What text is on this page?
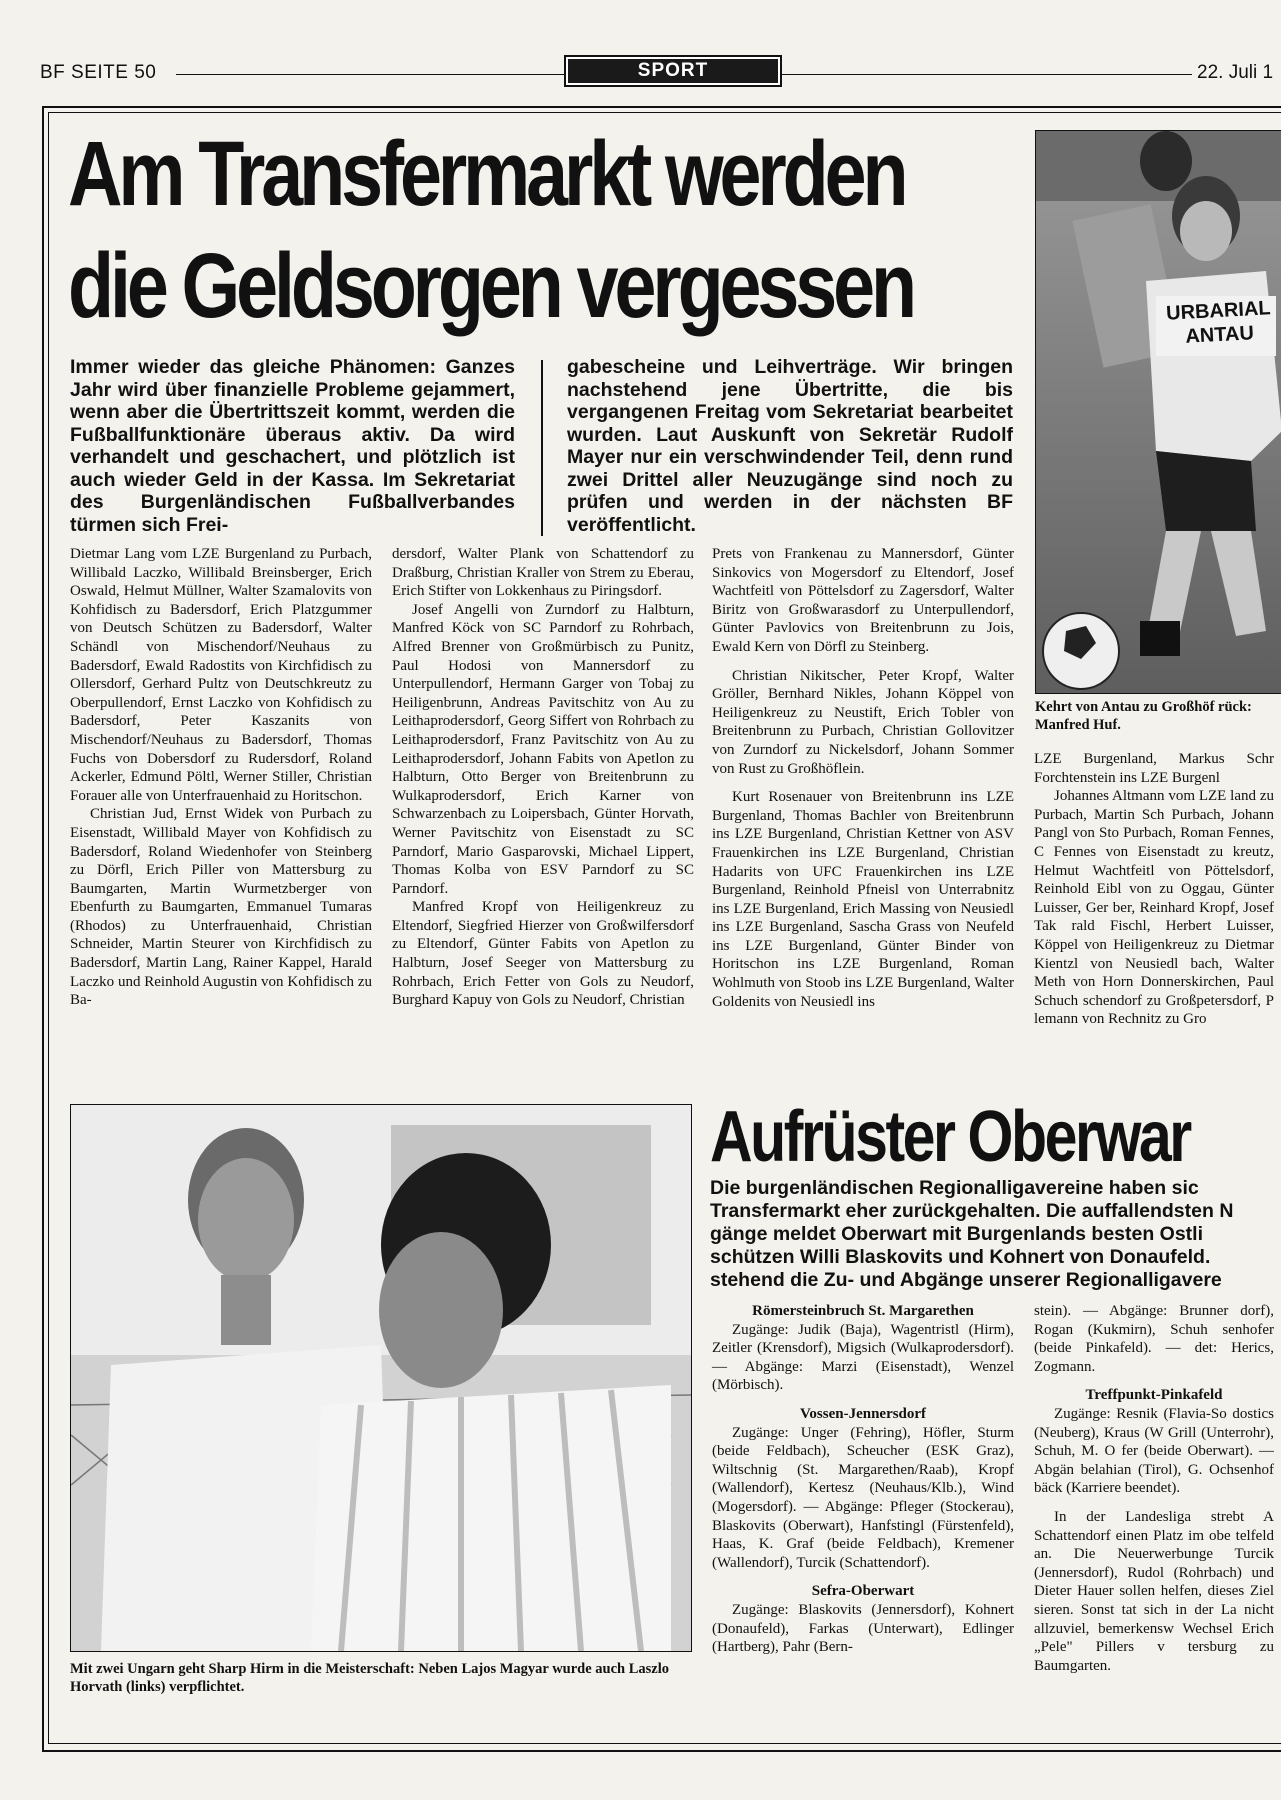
BF SEITE 50	SPORT	22. Juli 1
Am Transfermarkt werden
die Geldsorgen vergessen
Immer wieder das gleiche Phänomen: Ganzes Jahr wird über finanzielle Probleme gejammert, wenn aber die Übertrittszeit kommt, werden die Fußballfunktionäre überaus aktiv. Da wird verhandelt und geschachert, und plötzlich ist auch wieder Geld in der Kassa. Im Sekretariat des Burgenländischen Fußballverbandes türmen sich Frei-
gabescheine und Leihverträge. Wir bringen nachstehend jene Übertritte, die bis vergangenen Freitag vom Sekretariat bearbeitet wurden. Laut Auskunft von Sekretär Rudolf Mayer nur ein verschwindender Teil, denn rund zwei Drittel aller Neuzugänge sind noch zu prüfen und werden in der nächsten BF veröffentlicht.

Dietmar Lang vom LZE Burgenland zu Purbach, Willibald Laczko, Willibald Breinsberger, Erich Oswald, Helmut Müllner, Walter Szamalovits von Kohfidisch zu Badersdorf, Erich Platzgummer von Deutsch Schützen zu Badersdorf, Walter Schändl von Mischendorf/Neuhaus zu Badersdorf, Ewald Radostits von Kirchfidisch zu Ollersdorf, Gerhard Pultz von Deutschkreutz zu Oberpullendorf, Ernst Laczko von Kohfidisch zu Badersdorf, Peter Kaszanits von Mischendorf/Neuhaus zu Badersdorf, Thomas Fuchs von Dobersdorf zu Rudersdorf, Roland Ackerler, Edmund Pöltl, Werner Stiller, Christian Forauer alle von Unterfrauenhaid zu Horitschon.

Christian Jud, Ernst Widek von Purbach zu Eisenstadt, Willibald Mayer von Kohfidisch zu Badersdorf, Roland Wiedenhofer von Steinberg zu Dörfl, Erich Piller von Mattersburg zu Baumgarten, Martin Wurmetzberger von Ebenfurth zu Baumgarten, Emmanuel Tumaras (Rhodos) zu Unterfrauenhaid, Christian Schneider, Martin Steurer von Kirchfidisch zu Badersdorf, Martin Lang, Rainer Kappel, Harald Laczko und Reinhold Augustin von Kohfidisch zu Ba-

dersdorf, Walter Plank von Schattendorf zu Draßburg, Christian Kraller von Strem zu Eberau, Erich Stifter von Lokkenhaus zu Piringsdorf.

Josef Angelli von Zurndorf zu Halbturn, Manfred Köck von SC Parndorf zu Rohrbach, Alfred Brenner von Großmürbisch zu Punitz, Paul Hodosi von Mannersdorf zu Unterpullendorf, Hermann Garger von Tobaj zu Heiligenbrunn, Andreas Pavitschitz von Au zu Leithaprodersdorf, Georg Siffert von Rohrbach zu Leithaprodersdorf, Franz Pavitschitz von Au zu Leithaprodersdorf, Johann Fabits von Apetlon zu Halbturn, Otto Berger von Breitenbrunn zu Wulkaprodersdorf, Erich Karner von Schwarzenbach zu Loipersbach, Günter Horvath, Werner Pavitschitz von Eisenstadt zu SC Parndorf, Mario Gasparovski, Michael Lippert, Thomas Kolba von ESV Parndorf zu SC Parndorf.

Manfred Kropf von Heiligenkreuz zu Eltendorf, Siegfried Hierzer von Großwilfersdorf zu Eltendorf, Günter Fabits von Apetlon zu Halbturn, Josef Seeger von Mattersburg zu Rohrbach, Erich Fetter von Gols zu Neudorf, Burghard Kapuy von Gols zu Neudorf, Christian

Prets von Frankenau zu Mannersdorf, Günter Sinkovics von Mogersdorf zu Eltendorf, Josef Wachtfeitl von Pöttelsdorf zu Zagersdorf, Walter Biritz von Großwarasdorf zu Unterpullendorf, Günter Pavlovics von Breitenbrunn zu Jois, Ewald Kern von Dörfl zu Steinberg.

Christian Nikitscher, Peter Kropf, Walter Gröller, Bernhard Nikles, Johann Köppel von Heiligenkreuz zu Neustift, Erich Tobler von Breitenbrunn zu Purbach, Christian Gollovitzer von Zurndorf zu Nickelsdorf, Johann Sommer von Rust zu Großhöflein.

Kurt Rosenauer von Breitenbrunn ins LZE Burgenland, Thomas Bachler von Breitenbrunn ins LZE Burgenland, Christian Kettner von ASV Frauenkirchen ins LZE Burgenland, Christian Hadarits von UFC Frauenkirchen ins LZE Burgenland, Reinhold Pfneisl von Unterrabnitz ins LZE Burgenland, Erich Massing von Neusiedl ins LZE Burgenland, Sascha Grass von Neufeld ins LZE Burgenland, Günter Binder von Horitschon ins LZE Burgenland, Roman Wohlmuth von Stoob ins LZE Burgenland, Walter Goldenits von Neusiedl ins

LZE Burgenland, Markus Schr Forchtenstein ins LZE Burgenl

Johannes Altmann vom LZE land zu Purbach, Martin Sch Purbach, Johann Pangl von Sto Purbach, Roman Fennes, C Fennes von Eisenstadt zu kreutz, Helmut Wachtfeitl von Pöttelsdorf, Reinhold Eibl von zu Oggau, Günter Luisser, Ger ber, Reinhard Kropf, Josef Tak rald Fischl, Herbert Luisser, Köppel von Heiligenkreuz zu Dietmar Kientzl von Neusiedl bach, Walter Meth von Horn Donnerskirchen, Paul Schuch schendorf zu Großpetersdorf, P lemann von Rechnitz zu Gro

URBARIAL ANTAU
Kehrt von Antau zu Großhöf rück: Manfred Huf.
Mit zwei Ungarn geht Sharp Hirm in die Meisterschaft: Neben Lajos Magyar wurde auch Laszlo Horvath (links) verpflichtet.
Aufrüster Oberwar
Die burgenländischen Regionalligavereine haben sic
Transfermarkt eher zurückgehalten. Die auffallendsten N
gänge meldet Oberwart mit Burgenlands besten Ostli
schützen Willi Blaskovits und Kohnert von Donaufeld.
stehend die Zu- und Abgänge unserer Regionalligavere

Römersteinbruch St. Margarethen

Zugänge: Judik (Baja), Wagentristl (Hirm), Zeitler (Krensdorf), Migsich (Wulkaprodersdorf). — Abgänge: Marzi (Eisenstadt), Wenzel (Mörbisch).

Vossen-Jennersdorf

Zugänge: Unger (Fehring), Höfler, Sturm (beide Feldbach), Scheucher (ESK Graz), Wiltschnig (St. Margarethen/Raab), Kropf (Wallendorf), Kertesz (Neuhaus/Klb.), Wind (Mogersdorf). — Abgänge: Pfleger (Stockerau), Blaskovits (Oberwart), Hanfstingl (Fürstenfeld), Haas, K. Graf (beide Feldbach), Kremener (Wallendorf), Turcik (Schattendorf).

Sefra-Oberwart

Zugänge: Blaskovits (Jennersdorf), Kohnert (Donaufeld), Farkas (Unterwart), Edlinger (Hartberg), Pahr (Bern-

stein). — Abgänge: Brunner dorf), Rogan (Kukmirn), Schuh senhofer (beide Pinkafeld). — det: Herics, Zogmann.

Treffpunkt-Pinkafeld

Zugänge: Resnik (Flavia-So dostics (Neuberg), Kraus (W Grill (Unterrohr), Schuh, M. O fer (beide Oberwart). — Abgän belahian (Tirol), G. Ochsenhof bäck (Karriere beendet).

In der Landesliga strebt A Schattendorf einen Platz im obe telfeld an. Die Neuerwerbunge Turcik (Jennersdorf), Rudol (Rohrbach) und Dieter Hauer sollen helfen, dieses Ziel sieren. Sonst tat sich in der La nicht allzuviel, bemerkensw Wechsel Erich „Pele" Pillers v tersburg zu Baumgarten.
